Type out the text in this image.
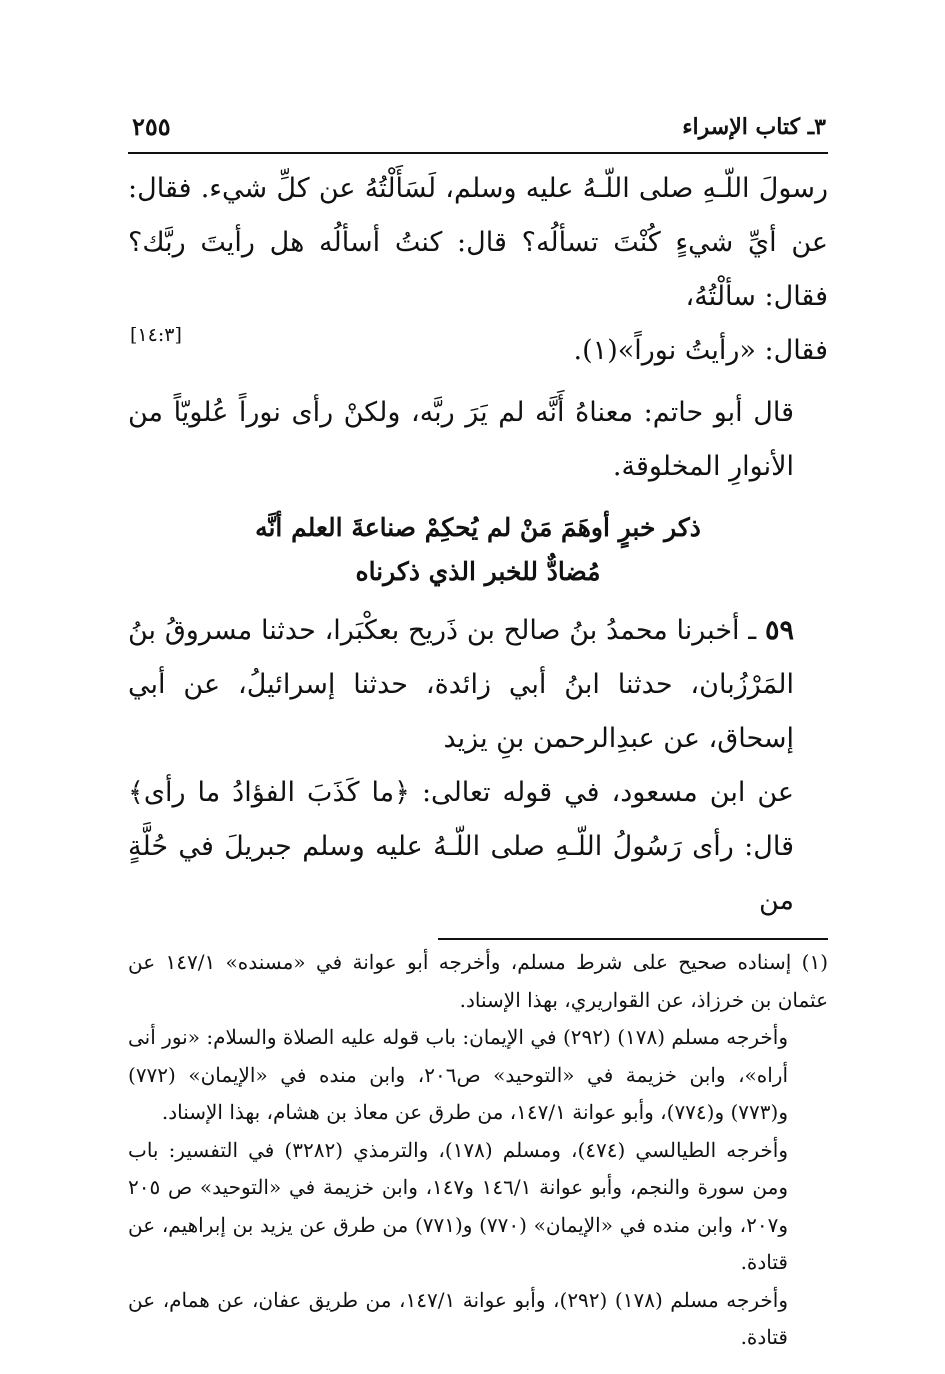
٣ـ كتاب الإسراء
٢٥٥

رسولَ اللّـهِ صلى اللّـهُ عليه وسلم، لَسَأَلْتُهُ عن كلِّ شيء. فقال: عن أيِّ شيءٍ كُنْتَ تسألُه؟ قال: كنتُ أسألُه هل رأيتَ ربَّك؟ فقال: سألْتُهُ،

فقال: «رأيتُ نوراً»(١).

[١٤:٣]

قال أبو حاتم: معناهُ أَنَّه لم يَرَ ربَّه، ولكنْ رأى نوراً عُلويّاً من الأنوارِ المخلوقة.

ذكر خبرٍ أوهَمَ مَنْ لم يُحكِمْ صناعةَ العلم أنَّه
مُضادٌّ للخبر الذي ذكرناه

٥٩ ـ أخبرنا محمدُ بنُ صالح بن ذَريح بعكْبَرا، حدثنا مسروقُ بنُ المَرْزُبان، حدثنا ابنُ أبي زائدة، حدثنا إسرائيلُ، عن أبي إسحاق، عن عبدِالرحمن بنِ يزيد

عن ابن مسعود، في قوله تعالى: ﴿ما كَذَبَ الفؤادُ ما رأى﴾ قال: رأى رَسُولُ اللّـهِ صلى اللّـهُ عليه وسلم جبريلَ في حُلَّةٍ من

(١) إسناده صحيح على شرط مسلم، وأخرجه أبو عوانة في «مسنده» ١٤٧/١ عن عثمان بن خرزاذ، عن القواريري، بهذا الإسناد.

وأخرجه مسلم (١٧٨) (٢٩٢) في الإيمان: باب قوله عليه الصلاة والسلام: «نور أنى أراه»، وابن خزيمة في «التوحيد» ص٢٠٦، وابن منده في «الإيمان» (٧٧٢) و(٧٧٣) و(٧٧٤)، وأبو عوانة ١٤٧/١، من طرق عن معاذ بن هشام، بهذا الإسناد.

وأخرجه الطيالسي (٤٧٤)، ومسلم (١٧٨)، والترمذي (٣٢٨٢) في التفسير: باب ومن سورة والنجم، وأبو عوانة ١٤٦/١ و١٤٧، وابن خزيمة في «التوحيد» ص ٢٠٥ و٢٠٧، وابن منده في «الإيمان» (٧٧٠) و(٧٧١) من طرق عن يزيد بن إبراهيم، عن قتادة.

وأخرجه مسلم (١٧٨) (٢٩٢)، وأبو عوانة ١٤٧/١، من طريق عفان، عن همام، عن قتادة.
